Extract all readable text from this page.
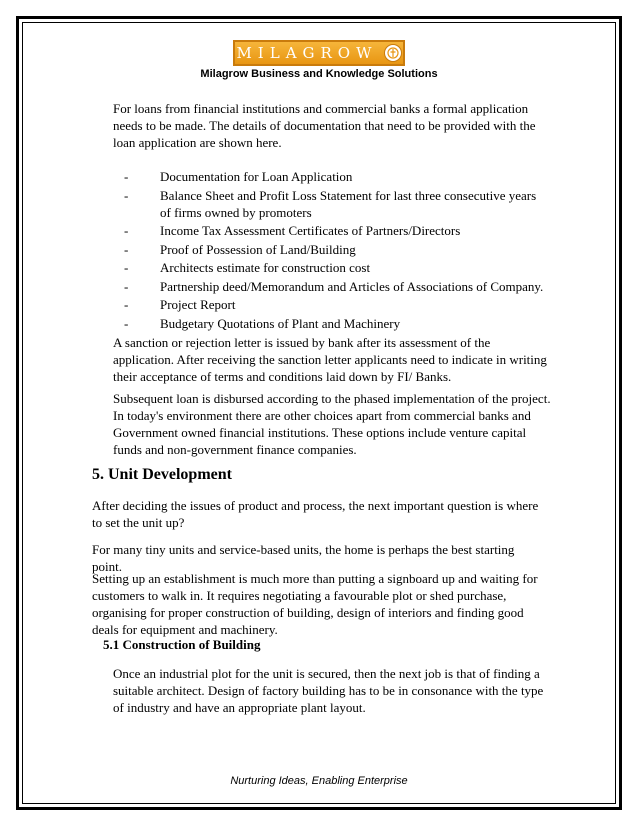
MILAGROW
Milagrow Business and Knowledge Solutions

For loans from financial institutions and commercial banks a formal application needs to be made. The details of documentation that need to be provided with the loan application are shown here.

-	Documentation for Loan Application
-	Balance Sheet and Profit Loss Statement for last three consecutive years of firms owned by promoters
-	Income Tax Assessment Certificates of Partners/Directors
-	Proof of Possession of Land/Building
-	Architects estimate for construction cost
-	Partnership deed/Memorandum and Articles of Associations of Company.
-	Project Report
-	Budgetary Quotations of Plant and Machinery

A sanction or rejection letter is issued by bank after its assessment of the application. After receiving the sanction letter applicants need to indicate in writing their acceptance of terms and conditions laid down by FI/ Banks.

Subsequent loan is disbursed according to the phased implementation of the project. In today's environment there are other choices apart from commercial banks and Government owned financial institutions. These options include venture capital funds and non-government finance companies.

5. Unit Development

After deciding the issues of product and process, the next important question is where to set the unit up?

For many tiny units and service-based units, the home is perhaps the best starting point.

Setting up an establishment is much more than putting a signboard up and waiting for customers to walk in. It requires negotiating a favourable plot or shed purchase, organising for proper construction of building, design of interiors and finding good deals for equipment and machinery.

5.1 Construction of Building

Once an industrial plot for the unit is secured, then the next job is that of finding a suitable architect. Design of factory building has to be in consonance with the type of industry and have an appropriate plant layout.

Nurturing Ideas, Enabling Enterprise
